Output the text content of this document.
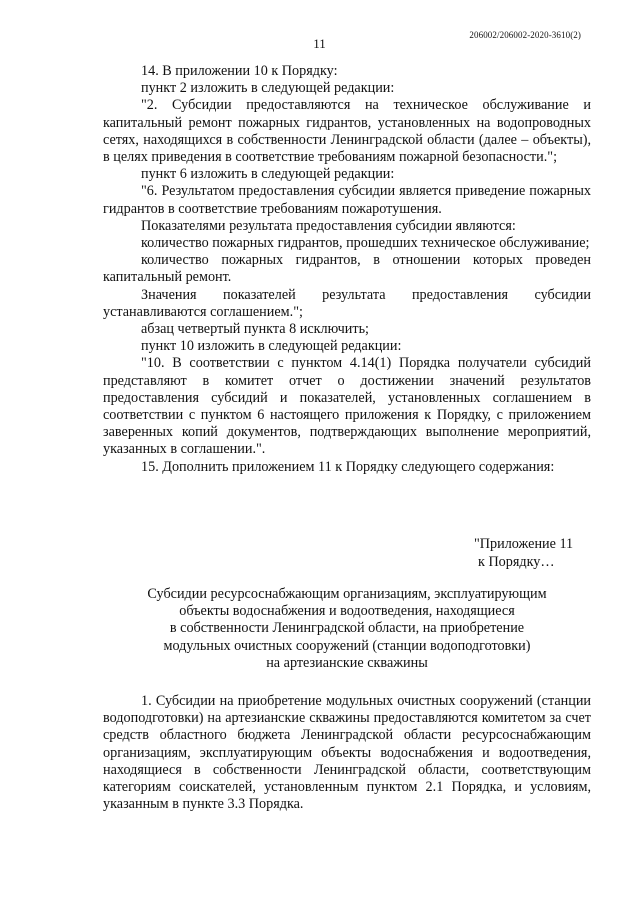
206002/206002-2020-3610(2)
11

14. В приложении 10 к Порядку:

пункт 2 изложить в следующей редакции:

"2. Субсидии предоставляются на техническое обслуживание и капитальный ремонт пожарных гидрантов, установленных на водопроводных сетях, находящихся в собственности Ленинградской области (далее – объекты), в целях приведения в соответствие требованиям пожарной безопасности.";

пункт 6 изложить в следующей редакции:

"6. Результатом предоставления субсидии является приведение пожарных гидрантов в соответствие требованиям пожаротушения.

Показателями результата предоставления субсидии являются:

количество пожарных гидрантов, прошедших техническое обслуживание;

количество пожарных гидрантов, в отношении которых проведен капитальный ремонт.

Значения показателей результата предоставления субсидии устанавливаются соглашением.";

абзац четвертый пункта 8 исключить;

пункт 10 изложить в следующей редакции:

"10. В соответствии с пунктом 4.14(1) Порядка получатели субсидий представляют в комитет отчет о достижении значений результатов предоставления субсидий и показателей, установленных соглашением в соответствии с пунктом 6 настоящего приложения к Порядку, с приложением заверенных копий документов, подтверждающих выполнение мероприятий, указанных в соглашении.".

15. Дополнить приложением 11 к Порядку следующего содержания:

"Приложение 11
к Порядку…
Субсидии ресурсоснабжающим организациям, эксплуатирующим
объекты водоснабжения и водоотведения, находящиеся
в собственности Ленинградской области, на приобретение
модульных очистных сооружений (станции водоподготовки)
на артезианские скважины

1. Субсидии на приобретение модульных очистных сооружений (станции водоподготовки) на артезианские скважины предоставляются комитетом за счет средств областного бюджета Ленинградской области ресурсоснабжающим организациям, эксплуатирующим объекты водоснабжения и водоотведения, находящиеся в собственности Ленинградской области, соответствующим категориям соискателей, установленным пунктом 2.1 Порядка, и условиям, указанным в пункте 3.3 Порядка.
